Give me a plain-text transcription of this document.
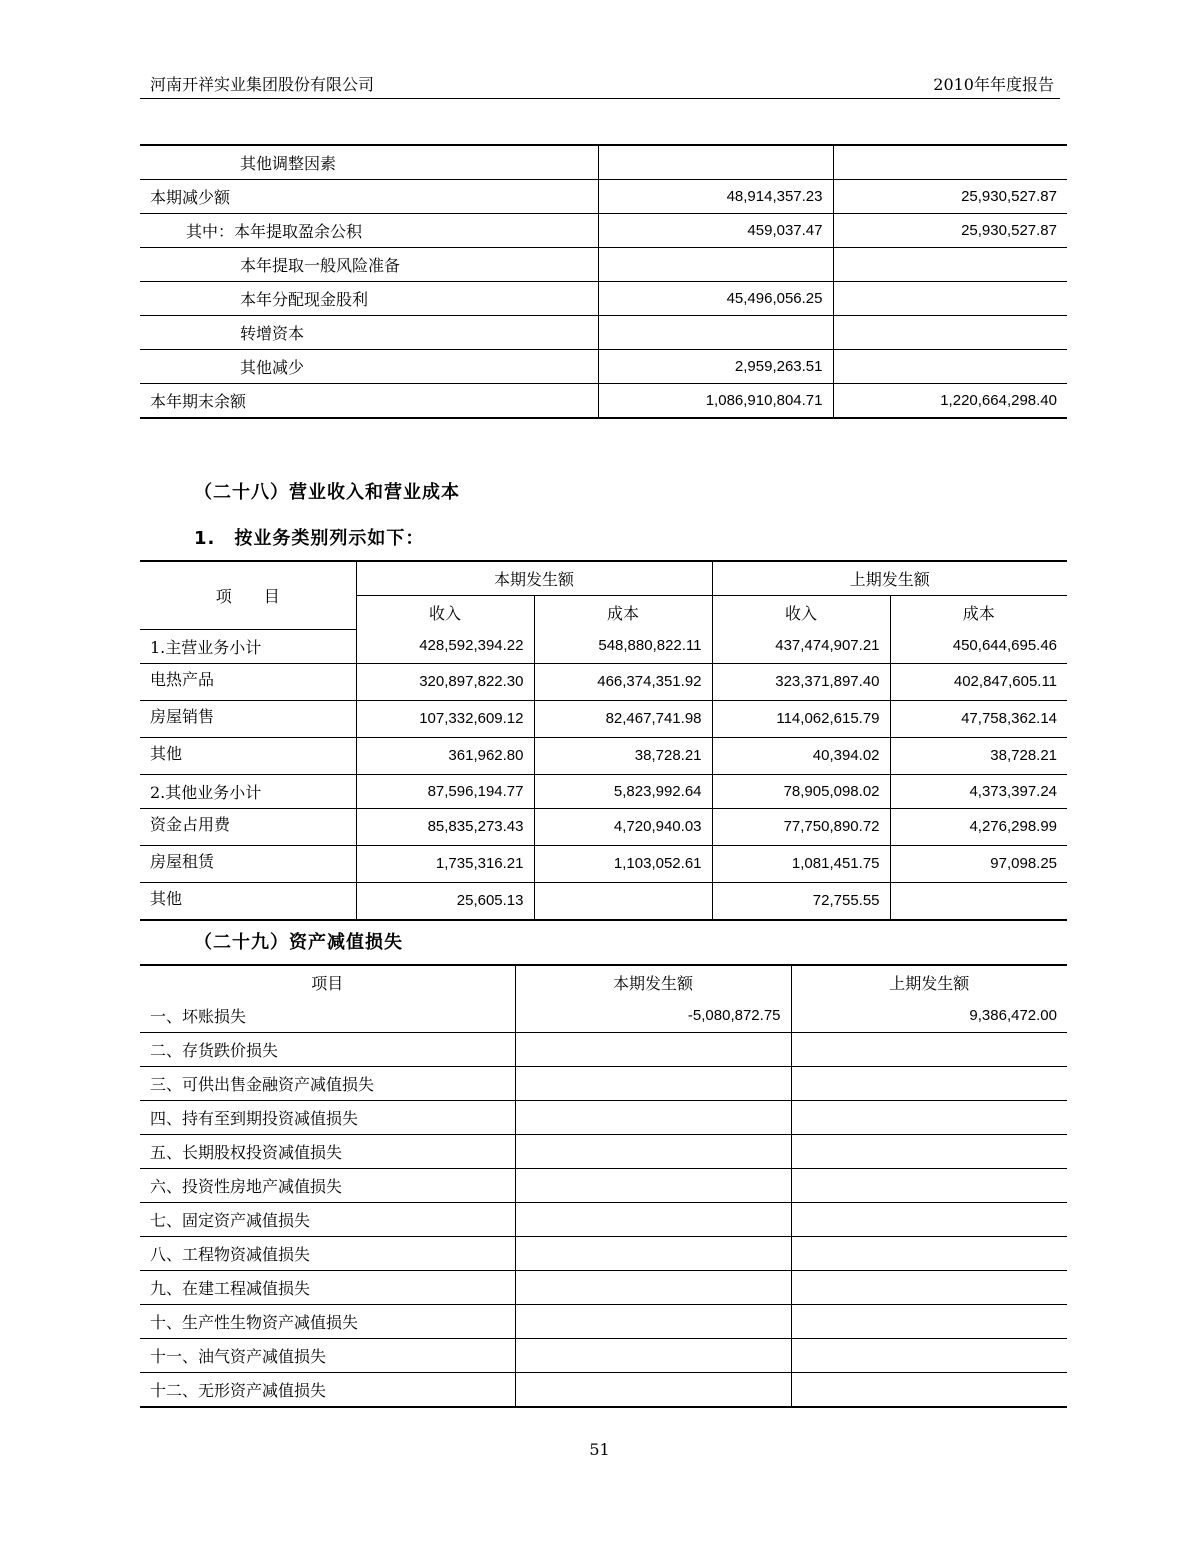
河南开祥实业集团股份有限公司	2010年年度报告
其他调整因素		
本期减少额	48,914,357.23	25,930,527.87
其中：本年提取盈余公积	459,037.47	25,930,527.87
本年提取一般风险准备		
本年分配现金股利	45,496,056.25	
转增资本		
其他减少	2,959,263.51	
本年期末余额	1,086,910,804.71	1,220,664,298.40
（二十八）营业收入和营业成本
1.　按业务类别列示如下：
项　　目	本期发生额		上期发生额	
	收入	成本	收入	成本
1.主营业务小计	428,592,394.22	548,880,822.11	437,474,907.21	450,644,695.46
电热产品	320,897,822.30	466,374,351.92	323,371,897.40	402,847,605.11
房屋销售	107,332,609.12	82,467,741.98	114,062,615.79	47,758,362.14
其他	361,962.80	38,728.21	40,394.02	38,728.21
2.其他业务小计	87,596,194.77	5,823,992.64	78,905,098.02	4,373,397.24
资金占用费	85,835,273.43	4,720,940.03	77,750,890.72	4,276,298.99
房屋租赁	1,735,316.21	1,103,052.61	1,081,451.75	97,098.25
其他	25,605.13		72,755.55	
（二十九）资产减值损失
项目	本期发生额	上期发生额
一、坏账损失	-5,080,872.75	9,386,472.00
二、存货跌价损失		
三、可供出售金融资产减值损失		
四、持有至到期投资减值损失		
五、长期股权投资减值损失		
六、投资性房地产减值损失		
七、固定资产减值损失		
八、工程物资减值损失		
九、在建工程减值损失		
十、生产性生物资产减值损失		
十一、油气资产减值损失		
十二、无形资产减值损失		
51
